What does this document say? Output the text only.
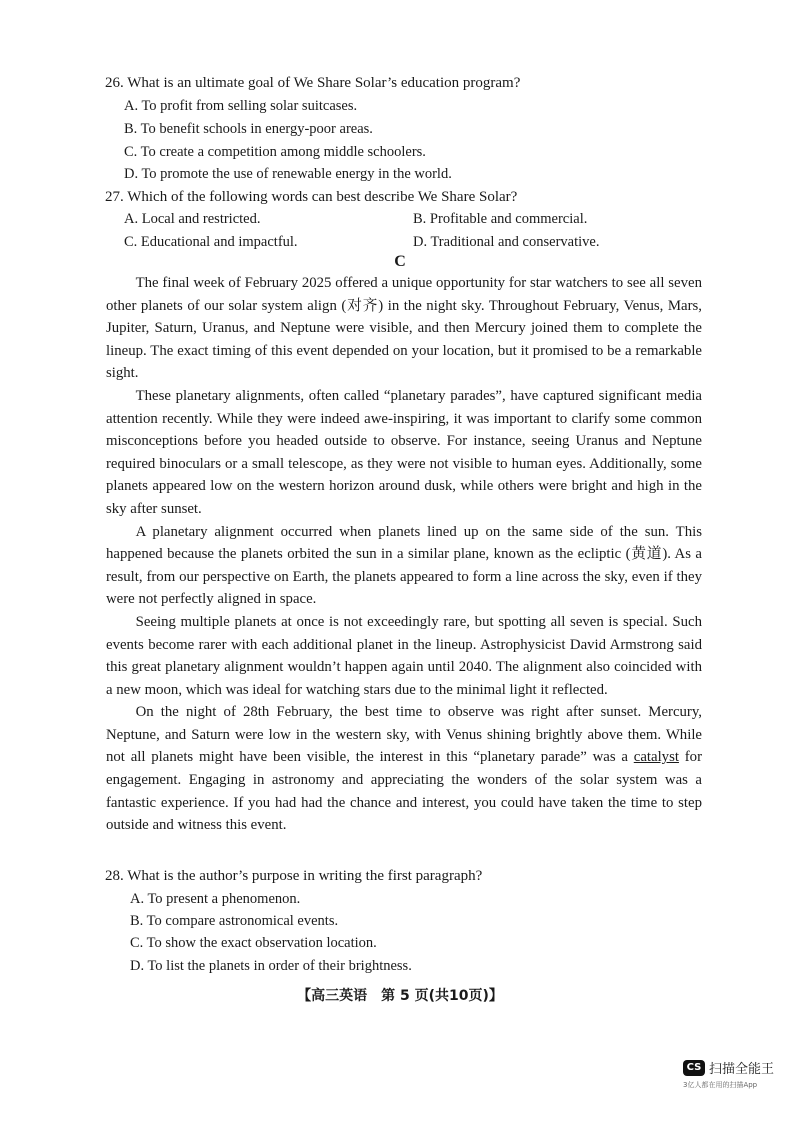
26. What is an ultimate goal of We Share Solar’s education program?
A. To profit from selling solar suitcases.
B. To benefit schools in energy-poor areas.
C. To create a competition among middle schoolers.
D. To promote the use of renewable energy in the world.
27. Which of the following words can best describe We Share Solar?
A. Local and restricted.	B. Profitable and commercial.
C. Educational and impactful.	D. Traditional and conservative.
C

The final week of February 2025 offered a unique opportunity for star watchers to see all seven other planets of our solar system align (对齐) in the night sky. Throughout February, Venus, Mars, Jupiter, Saturn, Uranus, and Neptune were visible, and then Mercury joined them to complete the lineup. The exact timing of this event depended on your location, but it promised to be a remarkable sight.

These planetary alignments, often called “planetary parades”, have captured significant media attention recently. While they were indeed awe-inspiring, it was important to clarify some common misconceptions before you headed outside to observe. For instance, seeing Uranus and Neptune required binoculars or a small telescope, as they were not visible to human eyes. Additionally, some planets appeared low on the western horizon around dusk, while others were bright and high in the sky after sunset.

A planetary alignment occurred when planets lined up on the same side of the sun. This happened because the planets orbited the sun in a similar plane, known as the ecliptic (黄道). As a result, from our perspective on Earth, the planets appeared to form a line across the sky, even if they were not perfectly aligned in space.

Seeing multiple planets at once is not exceedingly rare, but spotting all seven is special. Such events become rarer with each additional planet in the lineup. Astrophysicist David Armstrong said this great planetary alignment wouldn’t happen again until 2040. The alignment also coincided with a new moon, which was ideal for watching stars due to the minimal light it reflected.

On the night of 28th February, the best time to observe was right after sunset. Mercury, Neptune, and Saturn were low in the western sky, with Venus shining brightly above them. While not all planets might have been visible, the interest in this “planetary parade” was a catalyst for engagement. Engaging in astronomy and appreciating the wonders of the solar system was a fantastic experience. If you had had the chance and interest, you could have taken the time to step outside and witness this event.

28. What is the author’s purpose in writing the first paragraph?
A. To present a phenomenon.
B. To compare astronomical events.
C. To show the exact observation location.
D. To list the planets in order of their brightness.
【高三英语　第 5 页(共10页)】
CS 扫描全能王
3亿人都在用的扫描App
